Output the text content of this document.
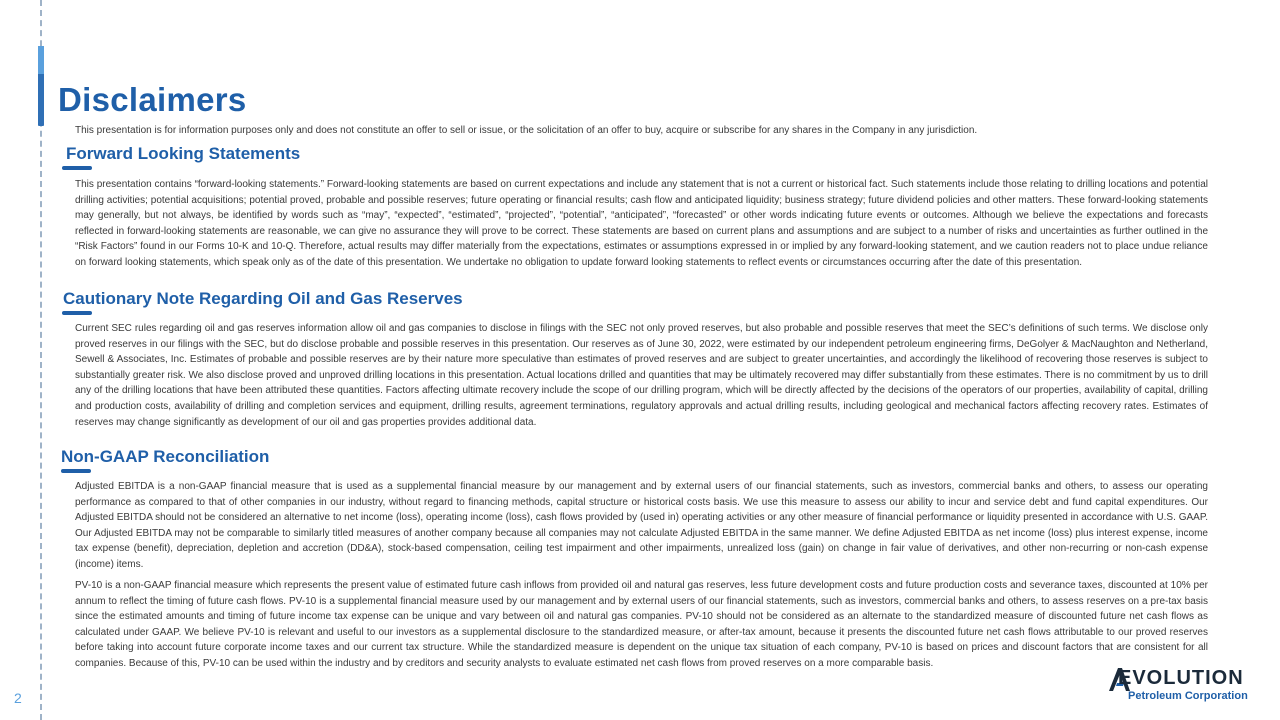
Disclaimers

This presentation is for information purposes only and does not constitute an offer to sell or issue, or the solicitation of an offer to buy, acquire or subscribe for any shares in the Company in any jurisdiction.

Forward Looking Statements

This presentation contains “forward-looking statements.” Forward-looking statements are based on current expectations and include any statement that is not a current or historical fact. Such statements include those relating to drilling locations and potential drilling activities; potential acquisitions; potential proved, probable and possible reserves; future operating or financial results; cash flow and anticipated liquidity; business strategy; future dividend policies and other matters. These forward-looking statements may generally, but not always, be identified by words such as “may”, “expected”, “estimated”, “projected”, “potential”, “anticipated”, “forecasted” or other words indicating future events or outcomes. Although we believe the expectations and forecasts reflected in forward-looking statements are reasonable, we can give no assurance they will prove to be correct. These statements are based on current plans and assumptions and are subject to a number of risks and uncertainties as further outlined in the “Risk Factors” found in our Forms 10-K and 10-Q. Therefore, actual results may differ materially from the expectations, estimates or assumptions expressed in or implied by any forward-looking statement, and we caution readers not to place undue reliance on forward looking statements, which speak only as of the date of this presentation. We undertake no obligation to update forward looking statements to reflect events or circumstances occurring after the date of this presentation.

Cautionary Note Regarding Oil and Gas Reserves

Current SEC rules regarding oil and gas reserves information allow oil and gas companies to disclose in filings with the SEC not only proved reserves, but also probable and possible reserves that meet the SEC’s definitions of such terms. We disclose only proved reserves in our filings with the SEC, but do disclose probable and possible reserves in this presentation. Our reserves as of June 30, 2022, were estimated by our independent petroleum engineering firms, DeGolyer & MacNaughton and Netherland, Sewell & Associates, Inc. Estimates of probable and possible reserves are by their nature more speculative than estimates of proved reserves and are subject to greater uncertainties, and accordingly the likelihood of recovering those reserves is subject to substantially greater risk. We also disclose proved and unproved drilling locations in this presentation. Actual locations drilled and quantities that may be ultimately recovered may differ substantially from these estimates. There is no commitment by us to drill any of the drilling locations that have been attributed these quantities. Factors affecting ultimate recovery include the scope of our drilling program, which will be directly affected by the decisions of the operators of our properties, availability of capital, drilling and production costs, availability of drilling and completion services and equipment, drilling results, agreement terminations, regulatory approvals and actual drilling results, including geological and mechanical factors affecting recovery rates. Estimates of reserves may change significantly as development of our oil and gas properties provides additional data.

Non-GAAP Reconciliation

Adjusted EBITDA is a non-GAAP financial measure that is used as a supplemental financial measure by our management and by external users of our financial statements, such as investors, commercial banks and others, to assess our operating performance as compared to that of other companies in our industry, without regard to financing methods, capital structure or historical costs basis. We use this measure to assess our ability to incur and service debt and fund capital expenditures. Our Adjusted EBITDA should not be considered an alternative to net income (loss), operating income (loss), cash flows provided by (used in) operating activities or any other measure of financial performance or liquidity presented in accordance with U.S. GAAP. Our Adjusted EBITDA may not be comparable to similarly titled measures of another company because all companies may not calculate Adjusted EBITDA in the same manner. We define Adjusted EBITDA as net income (loss) plus interest expense, income tax expense (benefit), depreciation, depletion and accretion (DD&A), stock-based compensation, ceiling test impairment and other impairments, unrealized loss (gain) on change in fair value of derivatives, and other non-recurring or non-cash expense (income) items.

PV-10 is a non-GAAP financial measure which represents the present value of estimated future cash inflows from provided oil and natural gas reserves, less future development costs and future production costs and severance taxes, discounted at 10% per annum to reflect the timing of future cash flows. PV-10 is a supplemental financial measure used by our management and by external users of our financial statements, such as investors, commercial banks and others, to assess reserves on a pre-tax basis since the estimated amounts and timing of future income tax expense can be unique and vary between oil and natural gas companies. PV-10 should not be considered as an alternate to the standardized measure of discounted future net cash flows as calculated under GAAP. We believe PV-10 is relevant and useful to our investors as a supplemental disclosure to the standardized measure, or after-tax amount, because it presents the discounted future net cash flows attributable to our proved reserves before taking into account future corporate income taxes and our current tax structure. While the standardized measure is dependent on the unique tax situation of each company, PV-10 is based on prices and discount factors that are consistent for all companies. Because of this, PV-10 can be used within the industry and by creditors and security analysts to evaluate estimated net cash flows from proved reserves on a more comparable basis.

2
EVOLUTION
Petroleum Corporation
